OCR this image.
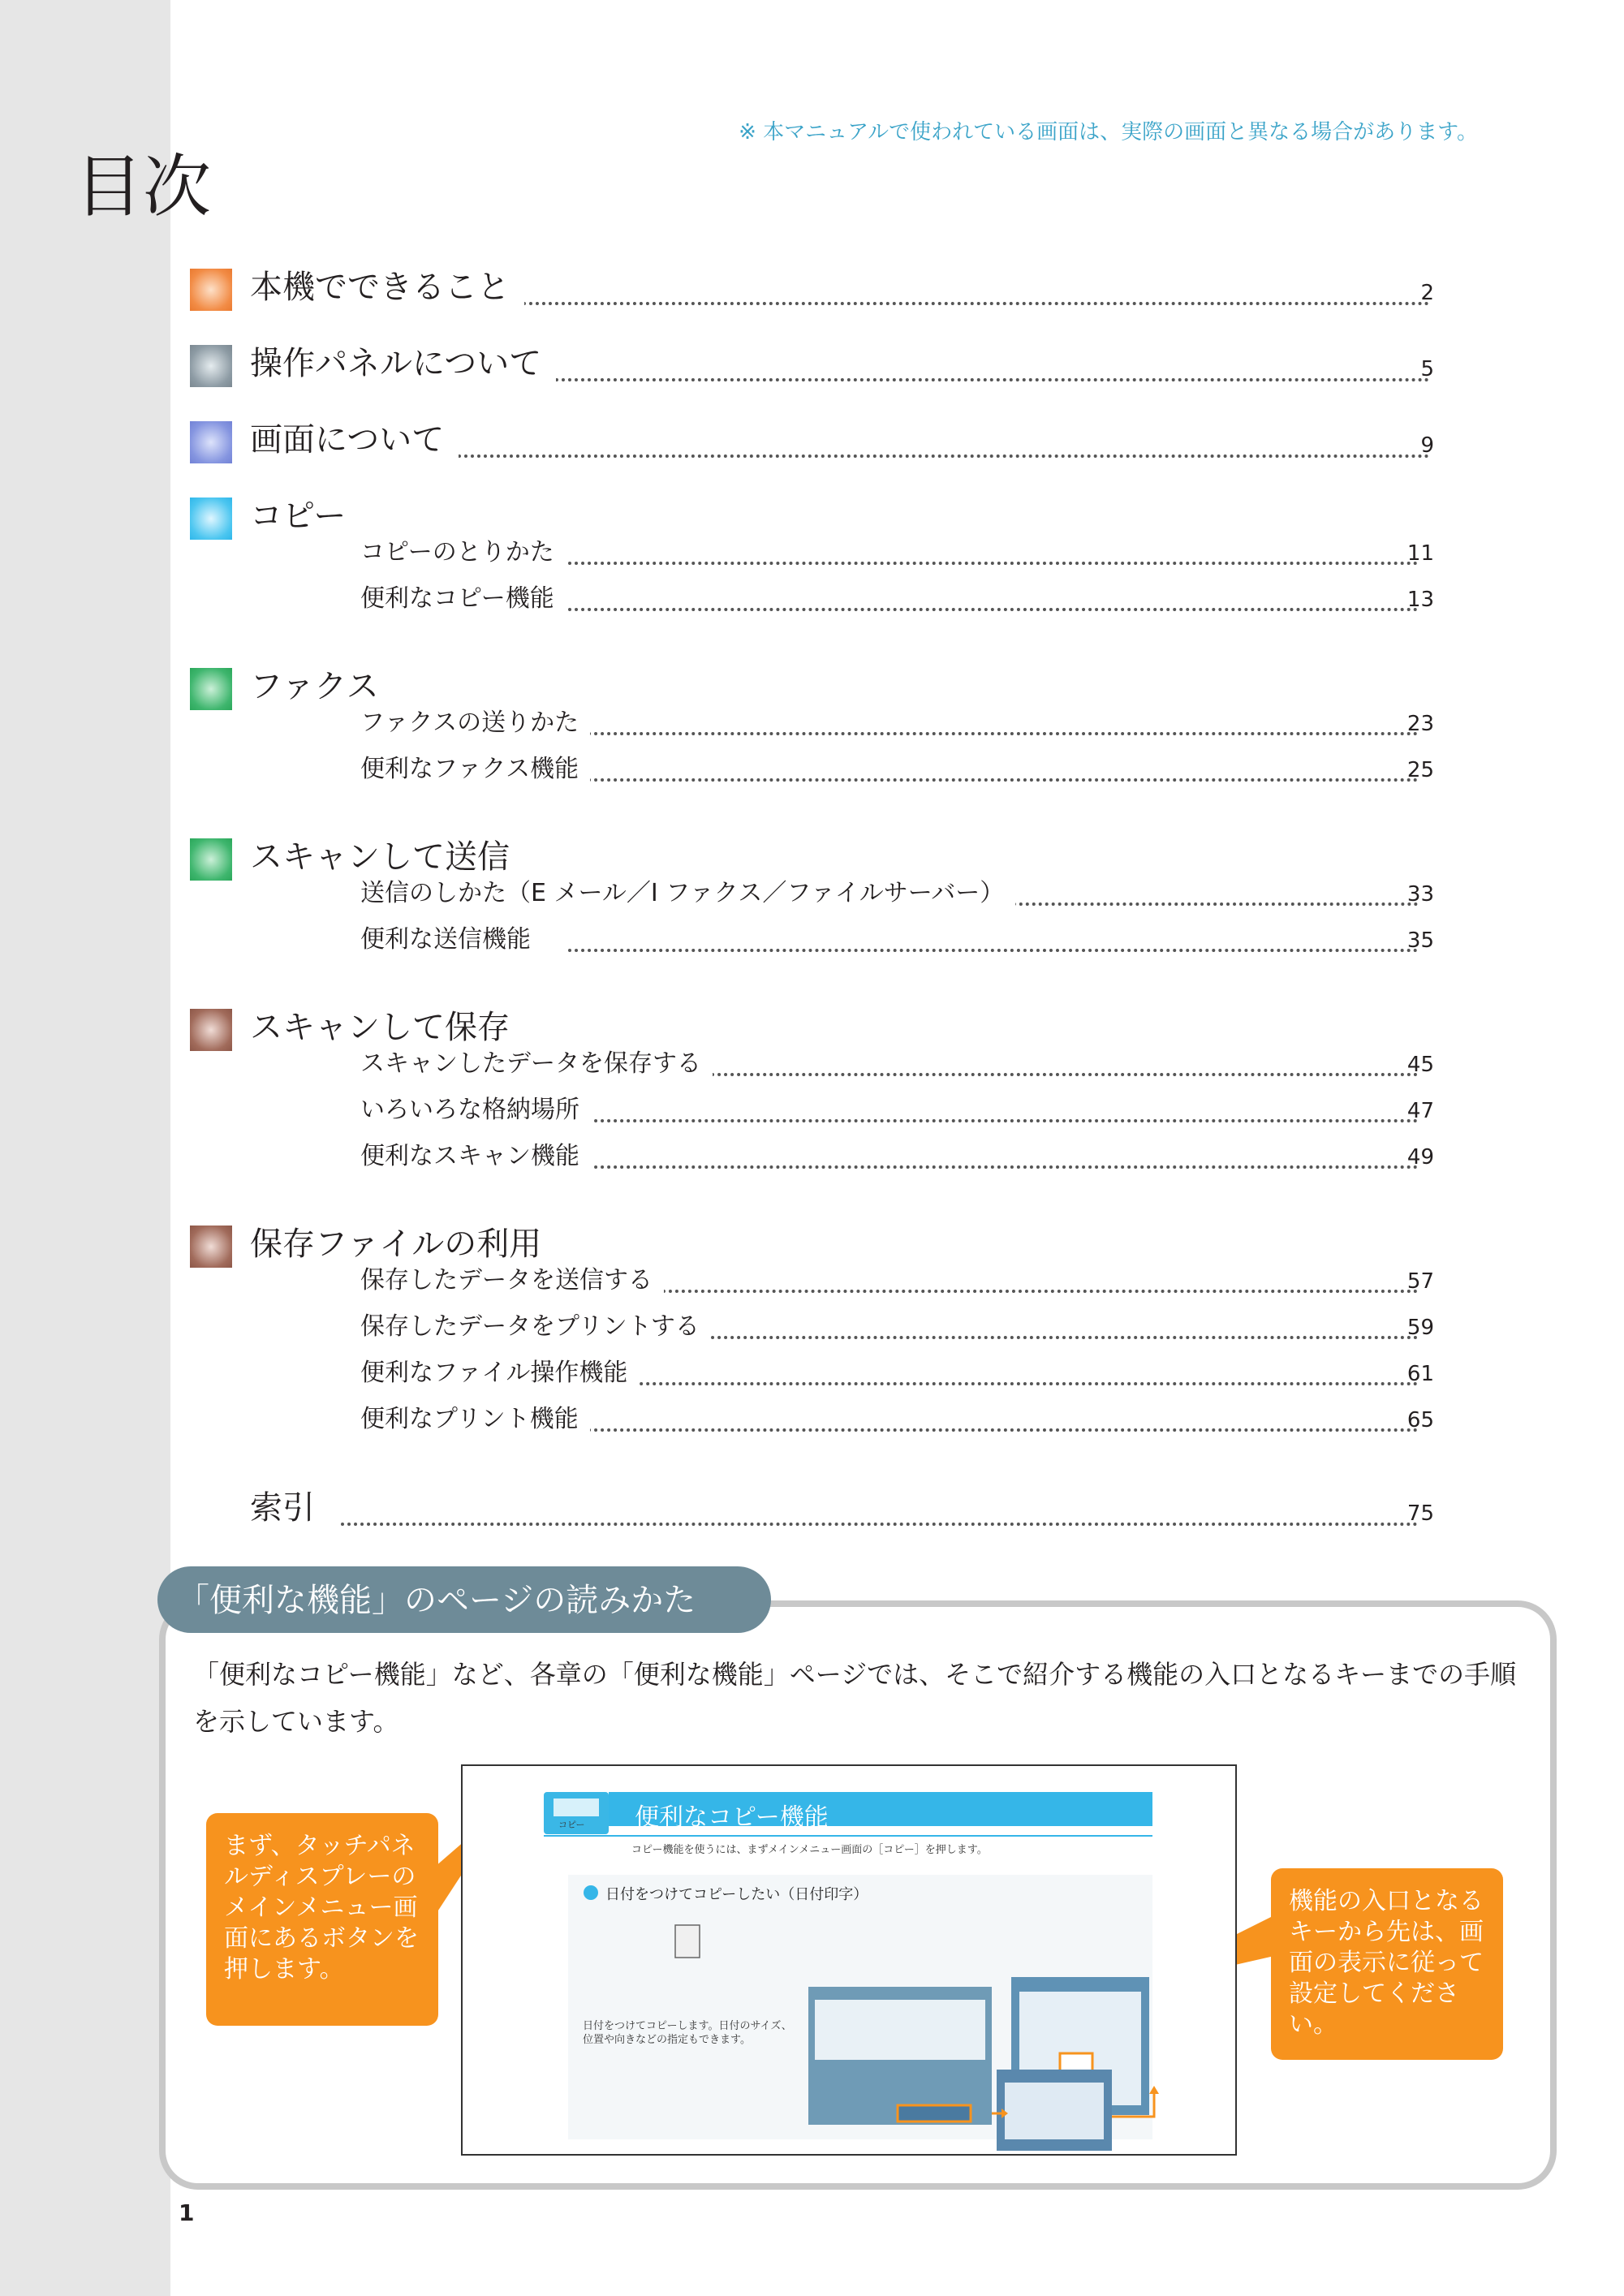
※ 本マニュアルで使われている画面は、実際の画面と異なる場合があります。
目次
本機でできること	2
操作パネルについて	5
画面について	9
コピー
コピーのとりかた	11
便利なコピー機能	13
ファクス
ファクスの送りかた	23
便利なファクス機能	25
スキャンして送信
送信のしかた（E メール／I ファクス／ファイルサーバー）	33
便利な送信機能	35
スキャンして保存
スキャンしたデータを保存する	45
いろいろな格納場所	47
便利なスキャン機能	49
保存ファイルの利用
保存したデータを送信する	57
保存したデータをプリントする	59
便利なファイル操作機能	61
便利なプリント機能	65
索引	75
「便利な機能」のページの読みかた
「便利なコピー機能」など、各章の「便利な機能」ページでは、そこで紹介する機能の入口となるキーまでの手順を示しています。
コピー 便利なコピー機能
コピー機能を使うには、まずメインメニュー画面の［コピー］を押します。
日付をつけてコピーしたい（日付印字）
日付をつけてコピーします。日付のサイズ、位置や向きなどの指定もできます。
まず、タッチパネルディスプレーのメインメニュー画面にあるボタンを押します。
機能の入口となるキーから先は、画面の表示に従って設定してください。
1
